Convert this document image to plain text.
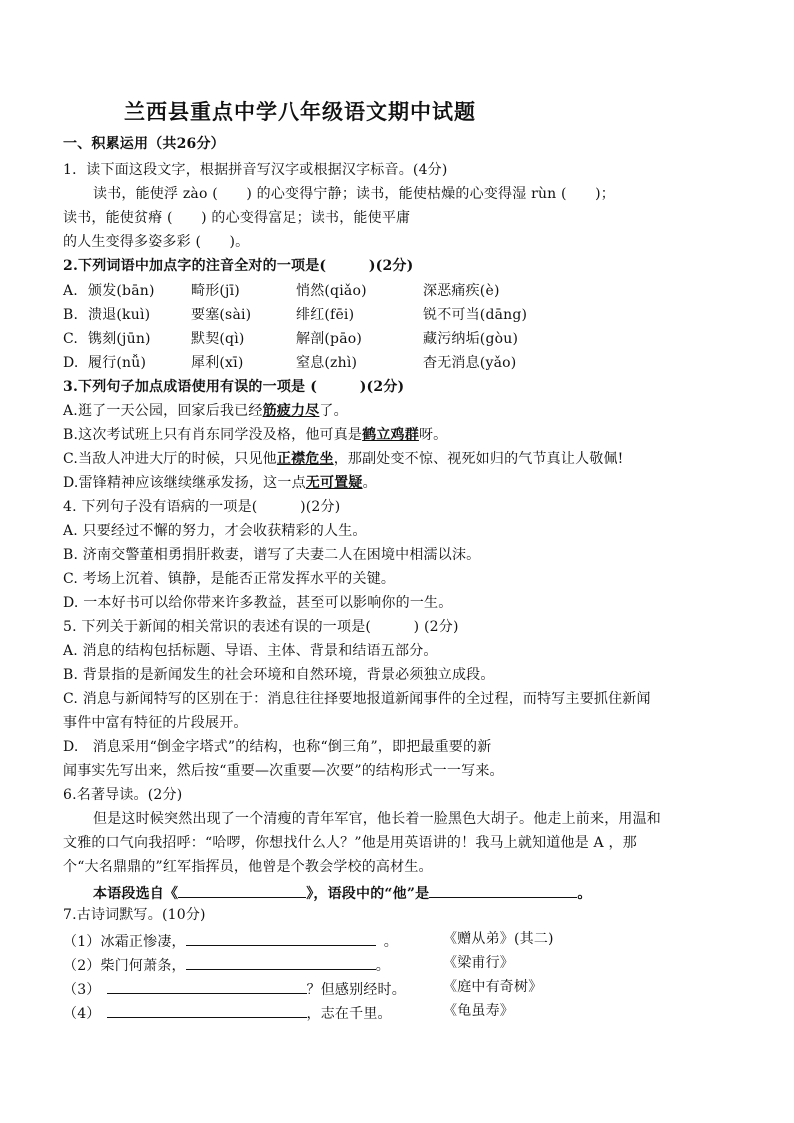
兰西县重点中学八年级语文期中试题
一、积累运用（共26分）
1．读下面这段文字，根据拼音写汉字或根据汉字标音。(4分)
读书，能使浮 zào (　　) 的心变得宁静；读书，能使枯燥的心变得湿 rùn (　　)；
读书，能使贫瘠 (　　) 的心变得富足；读书，能使平庸
的人生变得多姿多彩 (　　)。
2.下列词语中加点字的注音全对的一项是(　　　)(2分)
A. 颁发(bān)	畸形(jī)	悄然(qiǎo)	深恶痛疾(è)
B. 溃退(kuì)	要塞(sài)	绯红(fēi)	锐不可当(dāng)
C. 镌刻(jūn)	默契(qì)	解剖(pāo)	藏污纳垢(gòu)
D. 履行(nǚ)	犀利(xī)	窒息(zhì)	杳无消息(yǎo)
3.下列句子加点成语使用有误的一项是 (　　　)(2分)
A.逛了一天公园，回家后我已经筋疲力尽了。
B.这次考试班上只有肖东同学没及格，他可真是鹤立鸡群呀。
C.当敌人冲进大厅的时候，只见他正襟危坐，那副处变不惊、视死如归的气节真让人敬佩!
D.雷锋精神应该继续继承发扬，这一点无可置疑。
4. 下列句子没有语病的一项是(　　　)(2分)
A. 只要经过不懈的努力，才会收获精彩的人生。
B. 济南交警董相勇捐肝救妻，谱写了夫妻二人在困境中相濡以沫。
C. 考场上沉着、镇静，是能否正常发挥水平的关键。
D. 一本好书可以给你带来许多教益，甚至可以影响你的一生。
5. 下列关于新闻的相关常识的表述有误的一项是(　　　) (2分)
A. 消息的结构包括标题、导语、主体、背景和结语五部分。
B. 背景指的是新闻发生的社会环境和自然环境，背景必须独立成段。
C. 消息与新闻特写的区别在于：消息往往择要地报道新闻事件的全过程，而特写主要抓住新闻
事件中富有特征的片段展开。
D.　消息采用“倒金字塔式”的结构，也称“倒三角”，即把最重要的新
闻事实先写出来，然后按“重要—次重要—次要”的结构形式一一写来。
6.名著导读。(2分)
但是这时候突然出现了一个清瘦的青年军官，他长着一脸黑色大胡子。他走上前来，用温和
文雅的口气向我招呼：“哈啰，你想找什么人？”他是用英语讲的！我马上就知道他是 A ，那
个“大名鼎鼎的”红军指挥员，他曾是个教会学校的高材生。
本语段选自《	》，语段中的“他”是	。
7.古诗词默写。(10分)
（1）冰霜正惨凄，	。	《赠从弟》(其二)
（2）柴门何萧条，	。	《梁甫行》
（3）	？但感别经时。	《庭中有奇树》
（4）	，志在千里。	《龟虽寿》
